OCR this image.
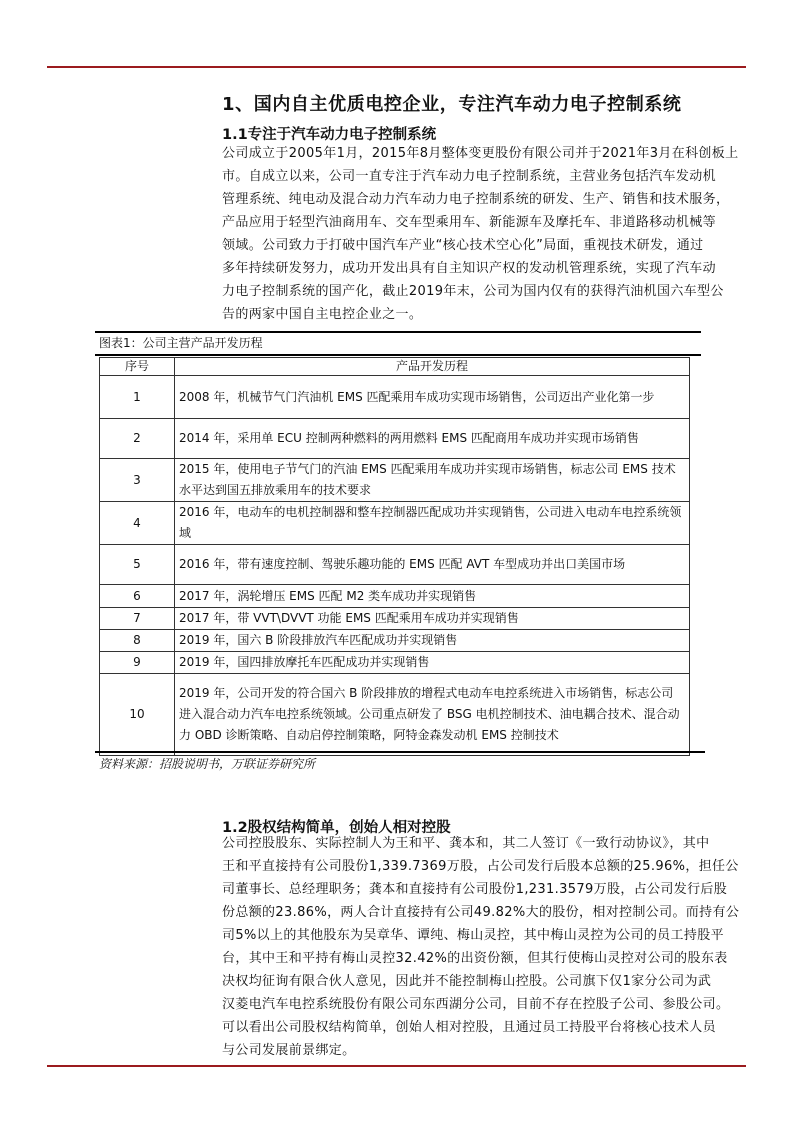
1、国内自主优质电控企业，专注汽车动力电子控制系统
1.1专注于汽车动力电子控制系统
公司成立于2005年1月，2015年8月整体变更股份有限公司并于2021年3月在科创板上
市。自成立以来，公司一直专注于汽车动力电子控制系统，主营业务包括汽车发动机
管理系统、纯电动及混合动力汽车动力电子控制系统的研发、生产、销售和技术服务，
产品应用于轻型汽油商用车、交车型乘用车、新能源车及摩托车、非道路移动机械等
领域。公司致力于打破中国汽车产业“核心技术空心化”局面，重视技术研发，通过
多年持续研发努力，成功开发出具有自主知识产权的发动机管理系统，实现了汽车动
力电子控制系统的国产化，截止2019年末，公司为国内仅有的获得汽油机国六车型公
告的两家中国自主电控企业之一。
图表1：公司主营产品开发历程
序号	产品开发历程
1	2008 年，机械节气门汽油机 EMS 匹配乘用车成功实现市场销售，公司迈出产业化第一步
2	2014 年，采用单 ECU 控制两种燃料的两用燃料 EMS 匹配商用车成功并实现市场销售
3	2015 年，使用电子节气门的汽油 EMS 匹配乘用车成功并实现市场销售，标志公司 EMS 技术水平达到国五排放乘用车的技术要求
4	2016 年，电动车的电机控制器和整车控制器匹配成功并实现销售，公司进入电动车电控系统领域
5	2016 年，带有速度控制、驾驶乐趣功能的 EMS 匹配 AVT 车型成功并出口美国市场
6	2017 年，涡轮增压 EMS 匹配 M2 类车成功并实现销售
7	2017 年，带 VVT\DVVT 功能 EMS 匹配乘用车成功并实现销售
8	2019 年，国六 B 阶段排放汽车匹配成功并实现销售
9	2019 年，国四排放摩托车匹配成功并实现销售
10	2019 年，公司开发的符合国六 B 阶段排放的增程式电动车电控系统进入市场销售，标志公司进入混合动力汽车电控系统领域。公司重点研发了 BSG 电机控制技术、油电耦合技术、混合动力 OBD 诊断策略、自动启停控制策略，阿特金森发动机 EMS 控制技术
资料来源：招股说明书，万联证券研究所
1.2股权结构简单，创始人相对控股
公司控股股东、实际控制人为王和平、龚本和，其二人签订《一致行动协议》，其中
王和平直接持有公司股份1,339.7369万股，占公司发行后股本总额的25.96%，担任公
司董事长、总经理职务；龚本和直接持有公司股份1,231.3579万股，占公司发行后股
份总额的23.86%，两人合计直接持有公司49.82%大的股份，相对控制公司。而持有公
司5%以上的其他股东为吴章华、谭纯、梅山灵控，其中梅山灵控为公司的员工持股平
台，其中王和平持有梅山灵控32.42%的出资份额，但其行使梅山灵控对公司的股东表
决权均征询有限合伙人意见，因此并不能控制梅山控股。公司旗下仅1家分公司为武
汉菱电汽车电控系统股份有限公司东西湖分公司，目前不存在控股子公司、参股公司。
可以看出公司股权结构简单，创始人相对控股，且通过员工持股平台将核心技术人员
与公司发展前景绑定。
